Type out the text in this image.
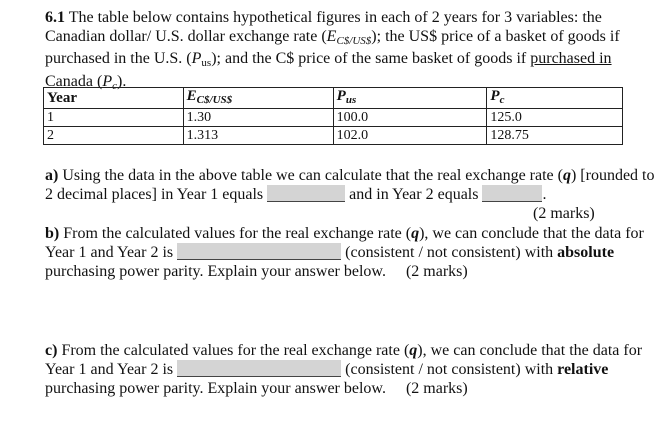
6.1 The table below contains hypothetical figures in each of 2 years for 3 variables: the Canadian dollar/ U.S. dollar exchange rate $(E_{C\$/US\$})$; the US$ price of a basket of goods if purchased in the U.S. (Pus); and the C$ price of the same basket of goods if purchased in Canada $(P_c)$.
Year	$E_{C\$/US\$}$	$P_{us}$	$P_c$
1	1.30	100.0	125.0
2	1.313	102.0	128.75
a) Using the data in the above table we can calculate that the real exchange rate (q) [rounded to 2 decimal places] in Year 1 equals	and in Year 2 equals	.
(2 marks)
b) From the calculated values for the real exchange rate (q), we can conclude that the data for Year 1 and Year 2 is	(consistent / not consistent) with absolute purchasing power parity. Explain your answer below. (2 marks)
c) From the calculated values for the real exchange rate (q), we can conclude that the data for Year 1 and Year 2 is	(consistent / not consistent) with relative purchasing power parity. Explain your answer below. (2 marks)
